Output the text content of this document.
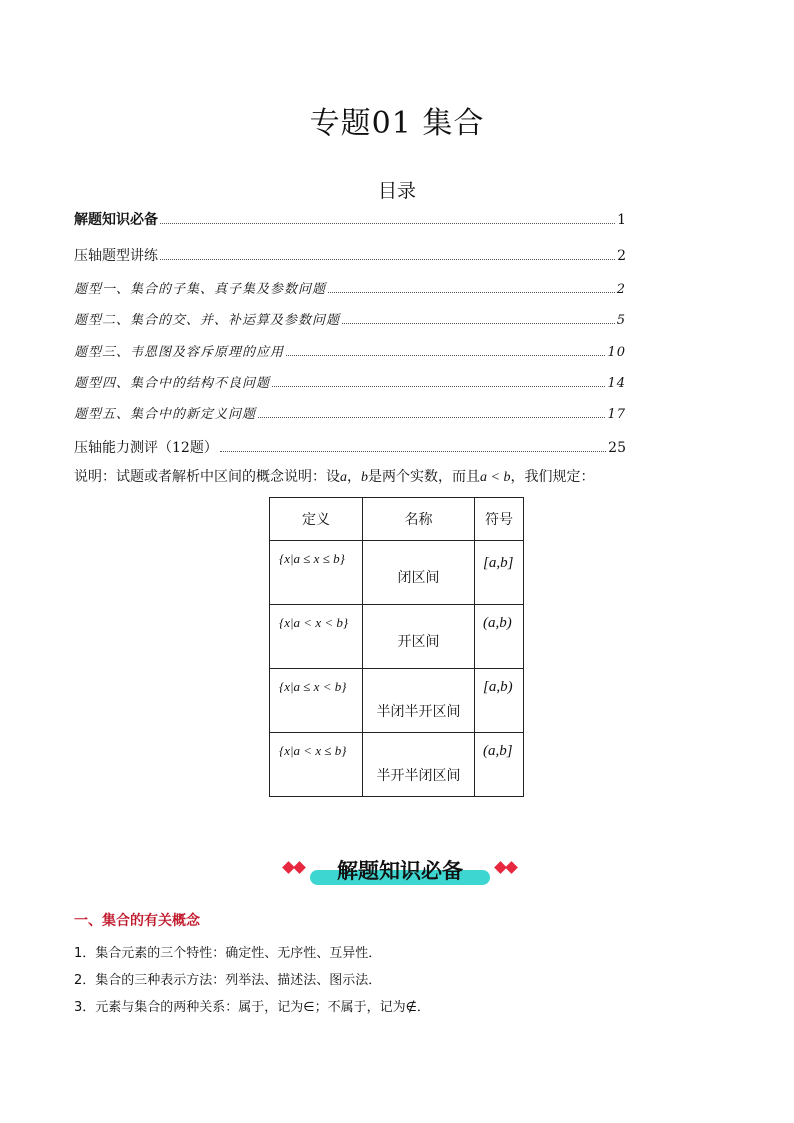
专题01 集合
目录
解题知识必备	1
压轴题型讲练	2
题型一、集合的子集、真子集及参数问题	2
题型二、集合的交、并、补运算及参数问题	5
题型三、韦恩图及容斥原理的应用	10
题型四、集合中的结构不良问题	14
题型五、集合中的新定义问题	17
压轴能力测评（12题）	25
说明：试题或者解析中区间的概念说明：设a，b是两个实数，而且a < b，我们规定：
定义	名称	符号

{x|a ≤ x ≤ b}	闭区间	[a,b]

{x|a < x < b}	开区间	(a,b)

{x|a ≤ x < b}	半闭半开区间	[a,b)

{x|a < x ≤ b}	半开半闭区间	(a,b]
解题知识必备
一、集合的有关概念
1．集合元素的三个特性：确定性、无序性、互异性．
2．集合的三种表示方法：列举法、描述法、图示法．
3．元素与集合的两种关系：属于，记为∈；不属于，记为∉．
